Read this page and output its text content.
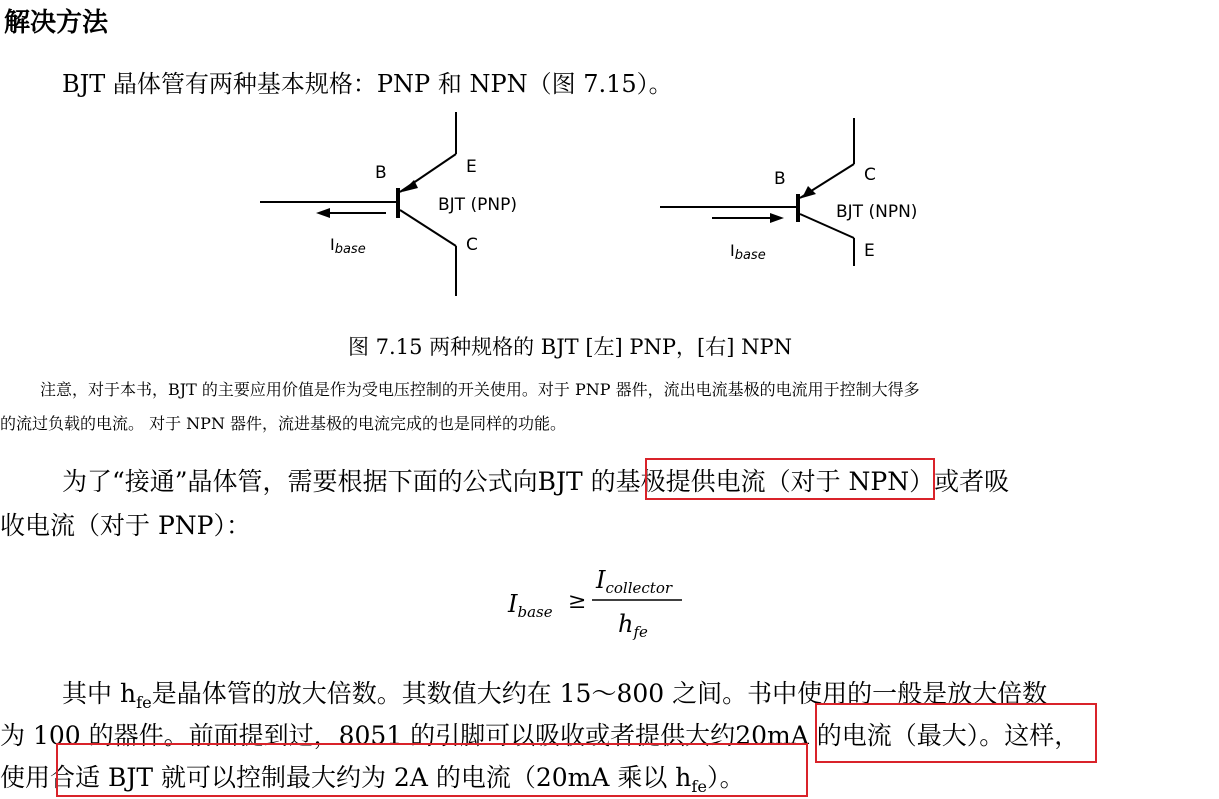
解决方法
BJT 晶体管有两种基本规格：PNP 和 NPN（图 7.15）。
B	E
BJT (PNP)
C
Ibase
B	C
BJT (NPN)
E
Ibase
图 7.15 两种规格的 BJT [左] PNP，[右] NPN
注意，对于本书，BJT 的主要应用价值是作为受电压控制的开关使用。对于 PNP 器件，流出电流基极的电流用于控制大得多
的流过负载的电流。 对于 NPN 器件，流进基极的电流完成的也是同样的功能。
为了“接通”晶体管，需要根据下面的公式向BJT 的基极提供电流（对于 NPN）或者吸
收电流（对于 PNP）：
$I_{base}$ ≥
$I_{collector}$
$h_{fe}$
其中 $h_{fe}$是晶体管的放大倍数。其数值大约在 15～800 之间。书中使用的一般是放大倍数
为 100 的器件。前面提到过，8051 的引脚可以吸收或者提供大约20mA 的电流（最大）。这样，
使用合适 BJT 就可以控制最大约为 2A 的电流（20mA 乘以 $h_{fe}$）。
